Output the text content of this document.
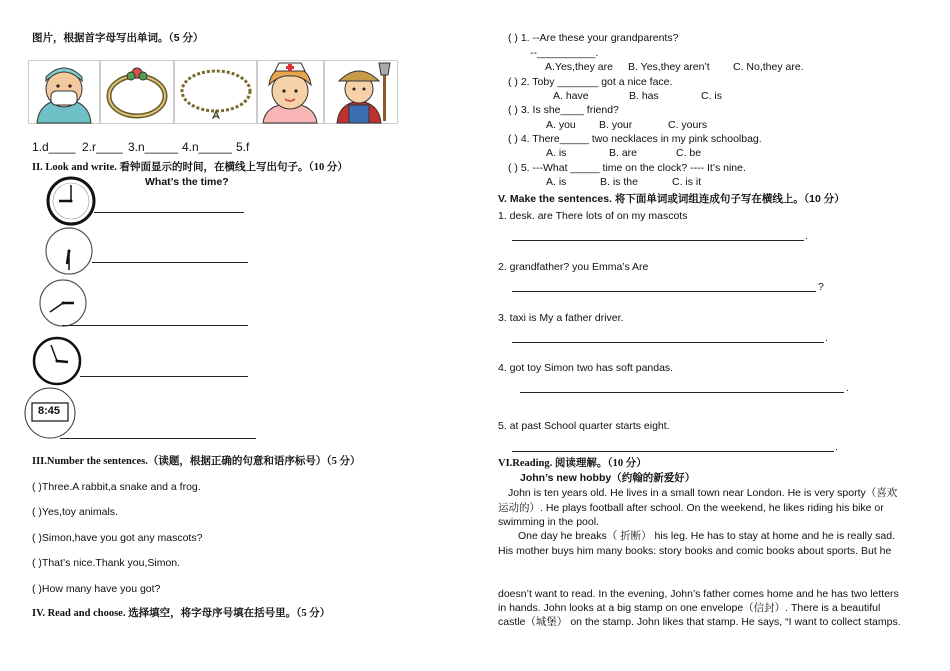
图片，根据首字母写出单词。（5 分）
1.d____ 2.r____ 3.n_____ 4.n_____ 5.f
II. Look and write. 看钟面显示的时间，在横线上写出句子。（10 分）
What’s the time?
8:45
III.Number the sentences.（读题，根据正确的句意和语序标号）（5 分）
( )Three.A rabbit,a snake and a frog.
( )Yes,toy animals.
( )Simon,have you got any mascots?
( )That’s nice.Thank you,Simon.
( )How many have you got?
IV. Read and choose. 选择填空，将字母序号填在括号里。（5 分）
( ) 1. --Are these your grandparents?
--__________.
A.Yes,they are B. Yes,they aren’t C. No,they are.
( ) 2. Toby _______ got a nice face.
A. have	B. has	C. is
( ) 3. Is she____ friend?
A. you B. your	C. yours
( ) 4. There_____ two necklaces in my pink schoolbag.
A. is	B. are	C. be
( ) 5. ---What _____ time on the clock? ---- It’s nine.
A. is	B. is the	C. is it
V. Make the sentences. 将下面单词或词组连成句子写在横线上。（10 分）
1. desk. are There lots of on my mascots
.
2. grandfather? you Emma’s Are
?
3. taxi is My a father driver.
.
4. got toy Simon two has soft pandas.
.
5. at past School quarter starts eight.
.
VI.Reading. 阅读理解。（10 分）
John’s new hobby（约翰的新爱好）
John is ten years old. He lives in a small town near London. He is very sporty（喜欢
运动的）. He plays football after school. On the weekend, he likes riding his bike or
swimming in the pool.
One day he breaks（ 折断） his leg. He has to stay at home and he is really sad.
His mother buys him many books: story books and comic books about sports. But he
doesn’t want to read. In the evening, John’s father comes home and he has two letters
in hands. John looks at a big stamp on one envelope（信封）. There is a beautiful
castle（城堡） on the stamp. John likes that stamp. He says, “I want to collect stamps.
